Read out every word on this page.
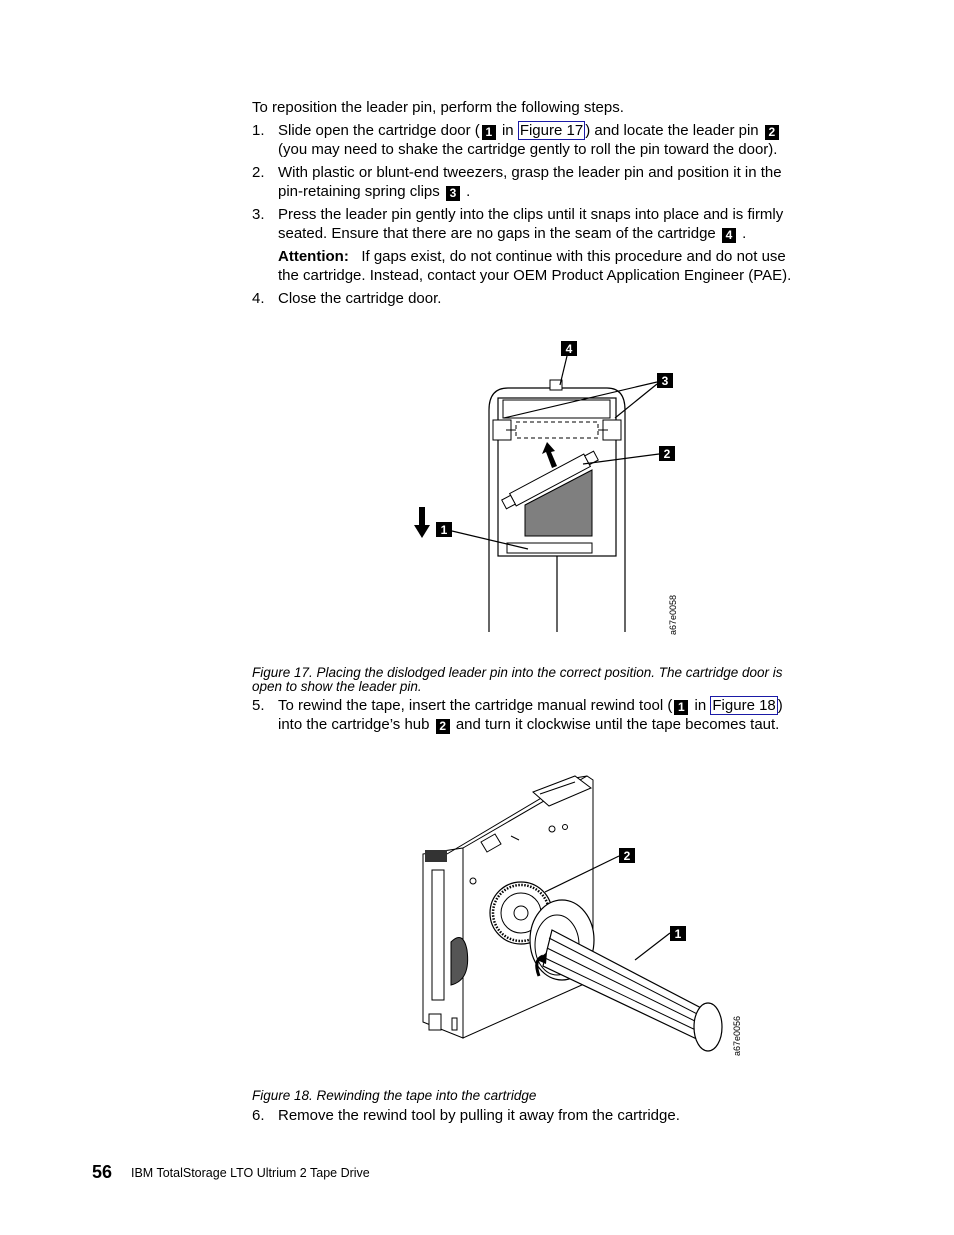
To reposition the leader pin, perform the following steps.

1. Slide open the cartridge door ( 1 in Figure 17 ) and locate the leader pin 2

(you may need to shake the cartridge gently to roll the pin toward the door).

2. With plastic or blunt-end tweezers, grasp the leader pin and position it in the

pin-retaining spring clips 3 .

3. Press the leader pin gently into the clips until it snaps into place and is firmly

seated. Ensure that there are no gaps in the seam of the cartridge 4 .

Attention: If gaps exist, do not continue with this procedure and do not use

the cartridge. Instead, contact your OEM Product Application Engineer (PAE).

4. Close the cartridge door.

4
3
2
1
a67e0058

Figure 17. Placing the dislodged leader pin into the correct position. The cartridge door is

open to show the leader pin.

5. To rewind the tape, insert the cartridge manual rewind tool ( 1 in Figure 18 )

into the cartridge’s hub 2 and turn it clockwise until the tape becomes taut.

2
1
a67e0056

Figure 18. Rewinding the tape into the cartridge

6. Remove the rewind tool by pulling it away from the cartridge.

56 IBM TotalStorage LTO Ultrium 2 Tape Drive
